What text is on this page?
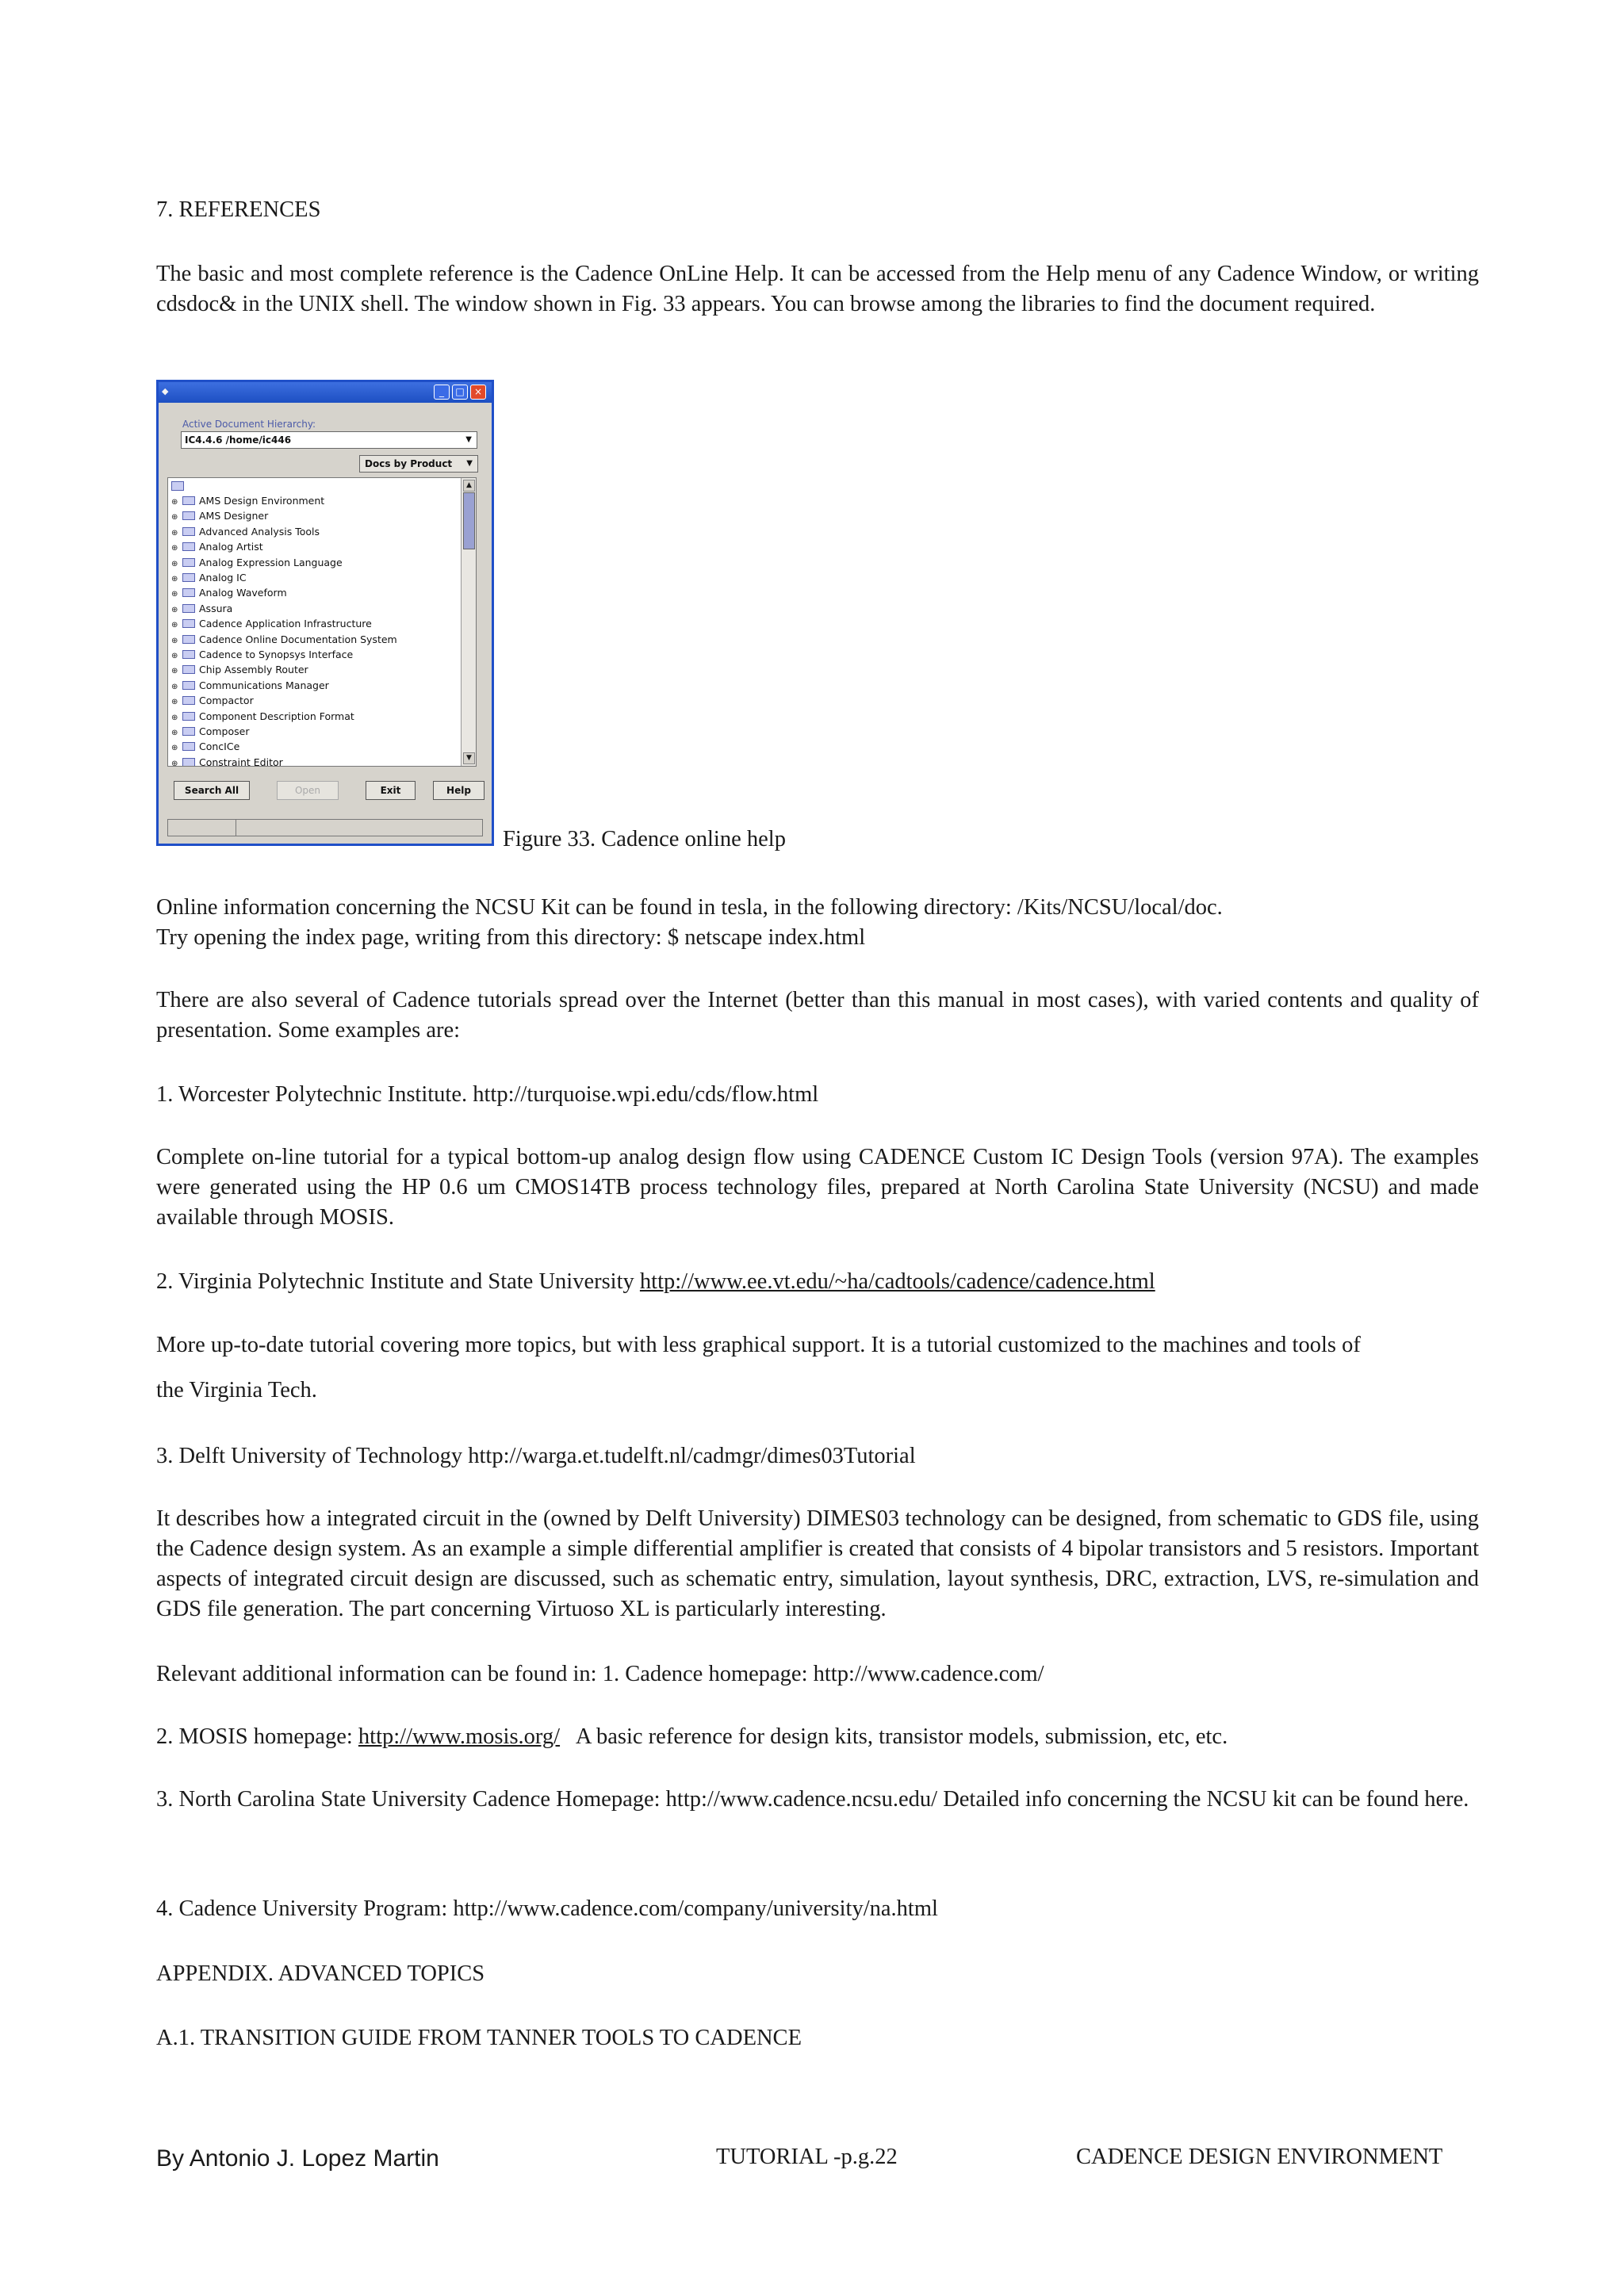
7. REFERENCES

The basic and most complete reference is the Cadence OnLine Help. It can be accessed from the Help menu of any Cadence Window, or writing cdsdoc& in the UNIX shell. The window shown in Fig. 33 appears. You can browse among the libraries to find the document required.

◆	_	□	×
Active Document Hierarchy:
IC4.4.6 /home/ic446	▼
Docs by Product ▼
⊕ AMS Design Environment
⊕ AMS Designer
⊕ Advanced Analysis Tools
⊕ Analog Artist
⊕ Analog Expression Language
⊕ Analog IC
⊕ Analog Waveform
⊕ Assura
⊕ Cadence Application Infrastructure
⊕ Cadence Online Documentation System
⊕ Cadence to Synopsys Interface
⊕ Chip Assembly Router
⊕ Communications Manager
⊕ Compactor
⊕ Component Description Format
⊕ Composer
⊕ ConcICe
⊕ Constraint Editor
▲
▼
Search All	Open	Exit	Help

Figure 33. Cadence online help

Online information concerning the NCSU Kit can be found in tesla, in the following directory: /Kits/NCSU/local/doc.

Try opening the index page, writing from this directory: $ netscape index.html

There are also several of Cadence tutorials spread over the Internet (better than this manual in most cases), with varied contents and quality of presentation. Some examples are:

1. Worcester Polytechnic Institute. http://turquoise.wpi.edu/cds/flow.html

Complete on-line tutorial for a typical bottom-up analog design flow using CADENCE Custom IC Design Tools (version 97A). The examples were generated using the HP 0.6 um CMOS14TB process technology files, prepared at North Carolina State University (NCSU) and made available through MOSIS.

2. Virginia Polytechnic Institute and State University http://www.ee.vt.edu/~ha/cadtools/cadence/cadence.html

More up-to-date tutorial covering more topics, but with less graphical support. It is a tutorial customized to the machines and tools of

the Virginia Tech.

3. Delft University of Technology http://warga.et.tudelft.nl/cadmgr/dimes03Tutorial

It describes how a integrated circuit in the (owned by Delft University) DIMES03 technology can be designed, from schematic to GDS file, using the Cadence design system. As an example a simple differential amplifier is created that consists of 4 bipolar transistors and 5 resistors. Important aspects of integrated circuit design are discussed, such as schematic entry, simulation, layout synthesis, DRC, extraction, LVS, re-simulation and GDS file generation. The part concerning Virtuoso XL is particularly interesting.

Relevant additional information can be found in: 1. Cadence homepage: http://www.cadence.com/

2. MOSIS homepage: http://www.mosis.org/   A basic reference for design kits, transistor models, submission, etc, etc.

3. North Carolina State University Cadence Homepage: http://www.cadence.ncsu.edu/ Detailed info concerning the NCSU kit can be found here.

4. Cadence University Program: http://www.cadence.com/company/university/na.html

APPENDIX. ADVANCED TOPICS

A.1. TRANSITION GUIDE FROM TANNER TOOLS TO CADENCE

By Antonio J. Lopez Martin	TUTORIAL -p.g.22	CADENCE DESIGN ENVIRONMENT
